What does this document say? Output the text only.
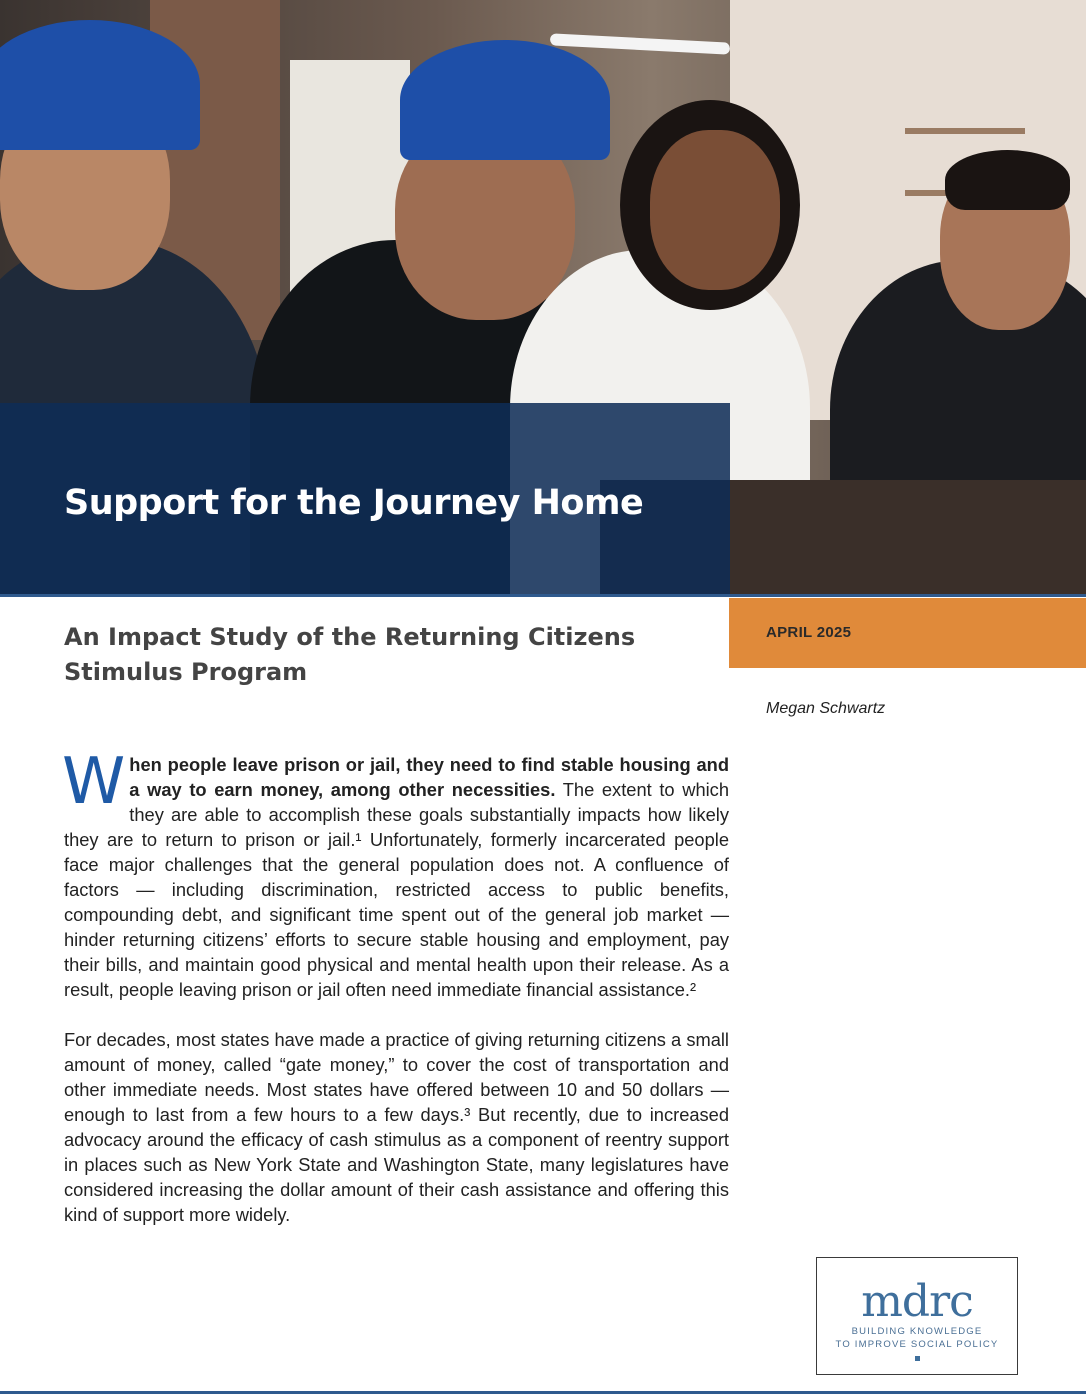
Support for the Journey Home
An Impact Study of the Returning Citizens Stimulus Program
APRIL 2025
Megan Schwartz

When people leave prison or jail, they need to find stable housing and a way to earn money, among other necessities. The extent to which they are able to accomplish these goals substantially impacts how likely they are to return to prison or jail.¹ Unfortunately, formerly incarcerated people face major challenges that the general population does not. A confluence of factors — including discrimination, restricted access to public benefits, compounding debt, and significant time spent out of the general job market — hinder returning citizens’ efforts to secure stable housing and employment, pay their bills, and maintain good physical and mental health upon their release. As a result, people leaving prison or jail often need immediate financial assistance.²

For decades, most states have made a practice of giving returning citizens a small amount of money, called “gate money,” to cover the cost of transportation and other immediate needs. Most states have offered between 10 and 50 dollars — enough to last from a few hours to a few days.³ But recently, due to increased advocacy around the efficacy of cash stimulus as a component of reentry support in places such as New York State and Washington State, many legislatures have considered increasing the dollar amount of their cash assistance and offering this kind of support more widely.

mdrc
BUILDING KNOWLEDGE
TO IMPROVE SOCIAL POLICY
